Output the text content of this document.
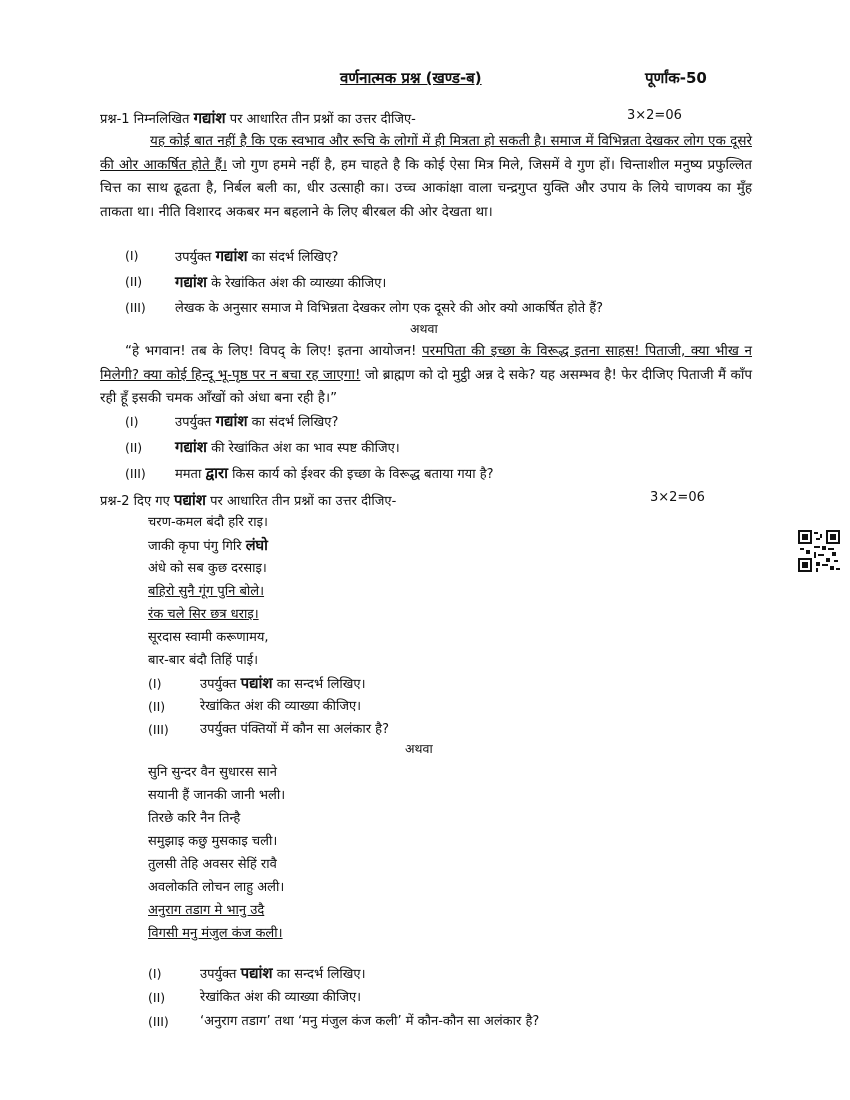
वर्णनात्मक प्रश्न (खण्ड-ब)	पूर्णांक-50
प्रश्न-1 निम्नलिखित गद्यांश पर आधारित तीन प्रश्नों का उत्तर दीजिए-	3×2=06
यह कोई बात नहीं है कि एक स्वभाव और रूचि के लोगों में ही मित्रता हो सकती है। समाज में विभिन्नता देखकर लोग एक दूसरे की ओर आकर्षित होते हैं। जो गुण हममे नहीं है, हम चाहते है कि कोई ऐसा मित्र मिले, जिसमें वे गुण हों। चिन्ताशील मनुष्य प्रफुल्लित चित्त का साथ ढूढता है, निर्बल बली का, धीर उत्साही का। उच्च आकांक्षा वाला चन्द्रगुप्त युक्ति और उपाय के लिये चाणक्य का मुँह ताकता था। नीति विशारद अकबर मन बहलाने के लिए बीरबल की ओर देखता था।
(I)	उपर्युक्त गद्यांश का संदर्भ लिखिए?
(II) गद्यांश के रेखांकित अंश की व्याख्या कीजिए।
(III) लेखक के अनुसार समाज मे विभिन्नता देखकर लोग एक दूसरे की ओर क्यो आकर्षित होते हैं?
अथवा
“हे भगवान! तब के लिए! विपद् के लिए! इतना आयोजन! परमपिता की इच्छा के विरूद्ध इतना साहस! पिताजी, क्या भीख न मिलेगी? क्या कोई हिन्दू भू-पृष्ठ पर न बचा रह जाएगा! जो ब्राह्मण को दो मुट्ठी अन्न दे सके? यह असम्भव है! फेर दीजिए पिताजी मैं काँप रही हूँ इसकी चमक आँखों को अंधा बना रही है।”
(I)	उपर्युक्त गद्यांश का संदर्भ लिखिए?
(II) गद्यांश की रेखांकित अंश का भाव स्पष्ट कीजिए।
(III) ममता द्वारा किस कार्य को ईश्वर की इच्छा के विरूद्ध बताया गया है?
प्रश्न-2 दिए गए पद्यांश पर आधारित तीन प्रश्नों का उत्तर दीजिए-	3×2=06
चरण-कमल बंदौ हरि राइ।
जाकी कृपा पंगु गिरि लंघो
अंधे को सब कुछ दरसाइ।
बहिरो सुनै गूंग पुनि बोले।
रंक चले सिर छत्र धराइ।
सूरदास स्वामी करूणामय,
बार-बार बंदौ तिहिं पाई।
(I)	उपर्युक्त पद्यांश का सन्दर्भ लिखिए।
(II)	रेखांकित अंश की व्याख्या कीजिए।
(III) उपर्युक्त पंक्तियों में कौन सा अलंकार है?
अथवा
सुनि सुन्दर वैन सुधारस साने
सयानी हैं जानकी जानी भली।
तिरछे करि नैन तिन्है
समुझाइ कछु मुसकाइ चली।
तुलसी तेहि अवसर सेहिं रावै
अवलोकति लोचन लाहु अली।
अनुराग तडाग मे भानु उदै
विगसी मनु मंजुल कंज कली।
(I)	उपर्युक्त पद्यांश का सन्दर्भ लिखिए।
(II)	रेखांकित अंश की व्याख्या कीजिए।
(III) ‘अनुराग तडाग’ तथा ‘मनु मंजुल कंज कली’ में कौन-कौन सा अलंकार है?
